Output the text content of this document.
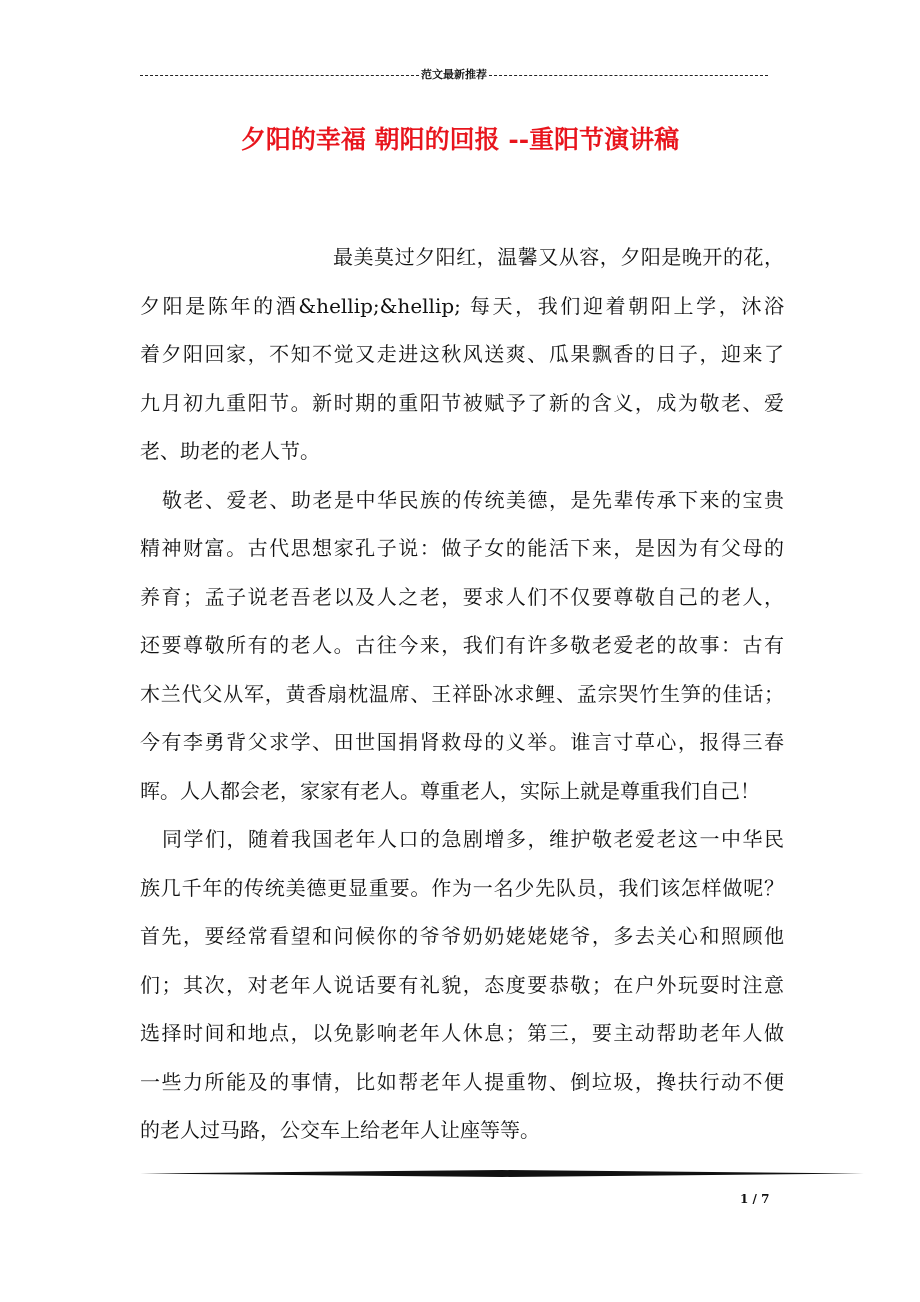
范文最新推荐
夕阳的幸福 朝阳的回报 --重阳节演讲稿
最美莫过夕阳红，温馨又从容，夕阳是晚开的花，
夕阳是陈年的酒&hellip;&hellip; 每天，我们迎着朝阳上学，沐浴
着夕阳回家，不知不觉又走进这秋风送爽、瓜果飘香的日子，迎来了
九月初九重阳节。新时期的重阳节被赋予了新的含义，成为敬老、爱
老、助老的老人节。
敬老、爱老、助老是中华民族的传统美德，是先辈传承下来的宝贵
精神财富。古代思想家孔子说：做子女的能活下来，是因为有父母的
养育；孟子说老吾老以及人之老，要求人们不仅要尊敬自己的老人，
还要尊敬所有的老人。古往今来，我们有许多敬老爱老的故事：古有
木兰代父从军，黄香扇枕温席、王祥卧冰求鲤、孟宗哭竹生笋的佳话；
今有李勇背父求学、田世国捐肾救母的义举。谁言寸草心，报得三春
晖。人人都会老，家家有老人。尊重老人，实际上就是尊重我们自己！
同学们，随着我国老年人口的急剧增多，维护敬老爱老这一中华民
族几千年的传统美德更显重要。作为一名少先队员，我们该怎样做呢？
首先，要经常看望和问候你的爷爷奶奶姥姥姥爷，多去关心和照顾他
们；其次，对老年人说话要有礼貌，态度要恭敬；在户外玩耍时注意
选择时间和地点，以免影响老年人休息；第三，要主动帮助老年人做
一些力所能及的事情，比如帮老年人提重物、倒垃圾，搀扶行动不便
的老人过马路，公交车上给老年人让座等等。
1 / 7
